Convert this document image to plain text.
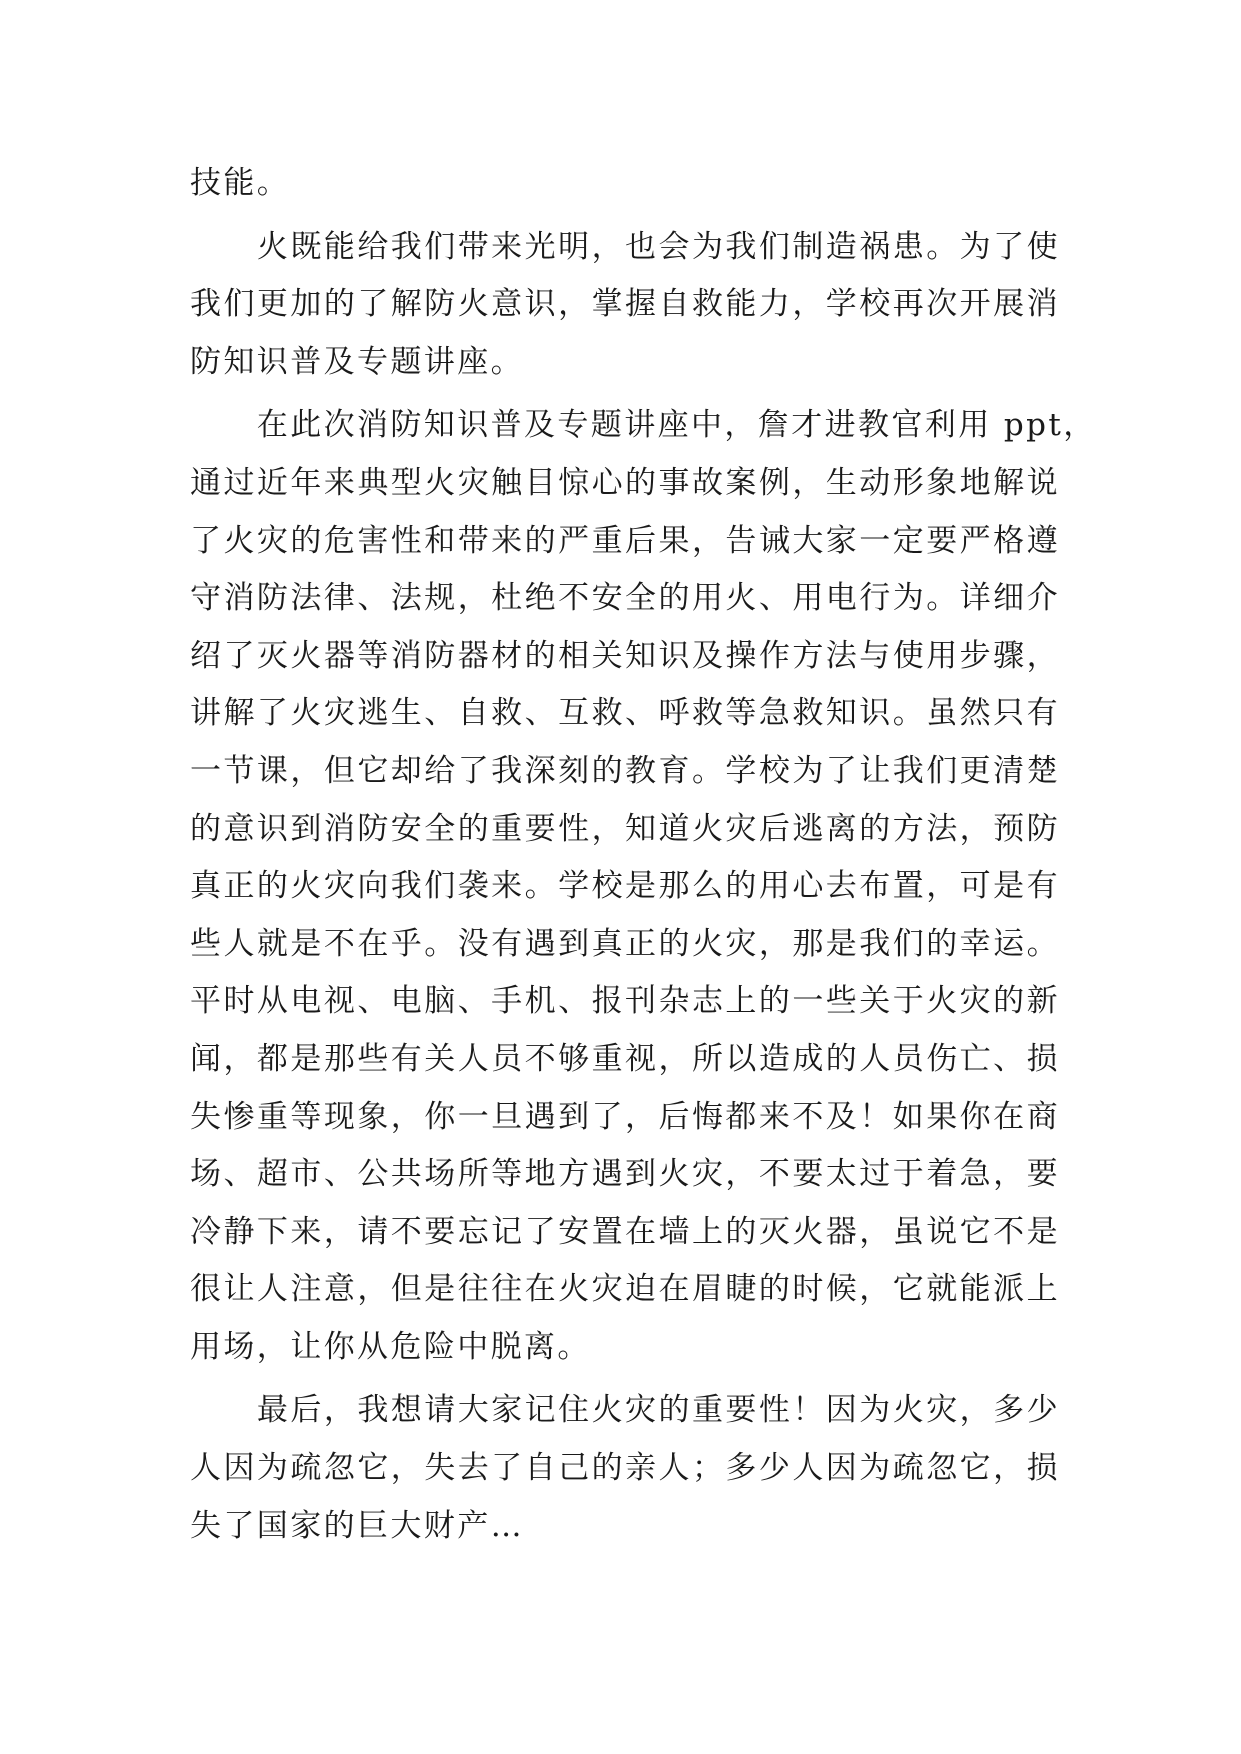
技能。
　　火既能给我们带来光明，也会为我们制造祸患。为了使
我们更加的了解防火意识，掌握自救能力，学校再次开展消
防知识普及专题讲座。
　　在此次消防知识普及专题讲座中，詹才进教官利用 ppt，
通过近年来典型火灾触目惊心的事故案例，生动形象地解说
了火灾的危害性和带来的严重后果，告诫大家一定要严格遵
守消防法律、法规，杜绝不安全的用火、用电行为。详细介
绍了灭火器等消防器材的相关知识及操作方法与使用步骤，
讲解了火灾逃生、自救、互救、呼救等急救知识。虽然只有
一节课，但它却给了我深刻的教育。学校为了让我们更清楚
的意识到消防安全的重要性，知道火灾后逃离的方法，预防
真正的火灾向我们袭来。学校是那么的用心去布置，可是有
些人就是不在乎。没有遇到真正的火灾，那是我们的幸运。
平时从电视、电脑、手机、报刊杂志上的一些关于火灾的新
闻，都是那些有关人员不够重视，所以造成的人员伤亡、损
失惨重等现象，你一旦遇到了，后悔都来不及！如果你在商
场、超市、公共场所等地方遇到火灾，不要太过于着急，要
冷静下来，请不要忘记了安置在墙上的灭火器，虽说它不是
很让人注意，但是往往在火灾迫在眉睫的时候，它就能派上
用场，让你从危险中脱离。
　　最后，我想请大家记住火灾的重要性！因为火灾，多少
人因为疏忽它，失去了自己的亲人；多少人因为疏忽它，损
失了国家的巨大财产…
